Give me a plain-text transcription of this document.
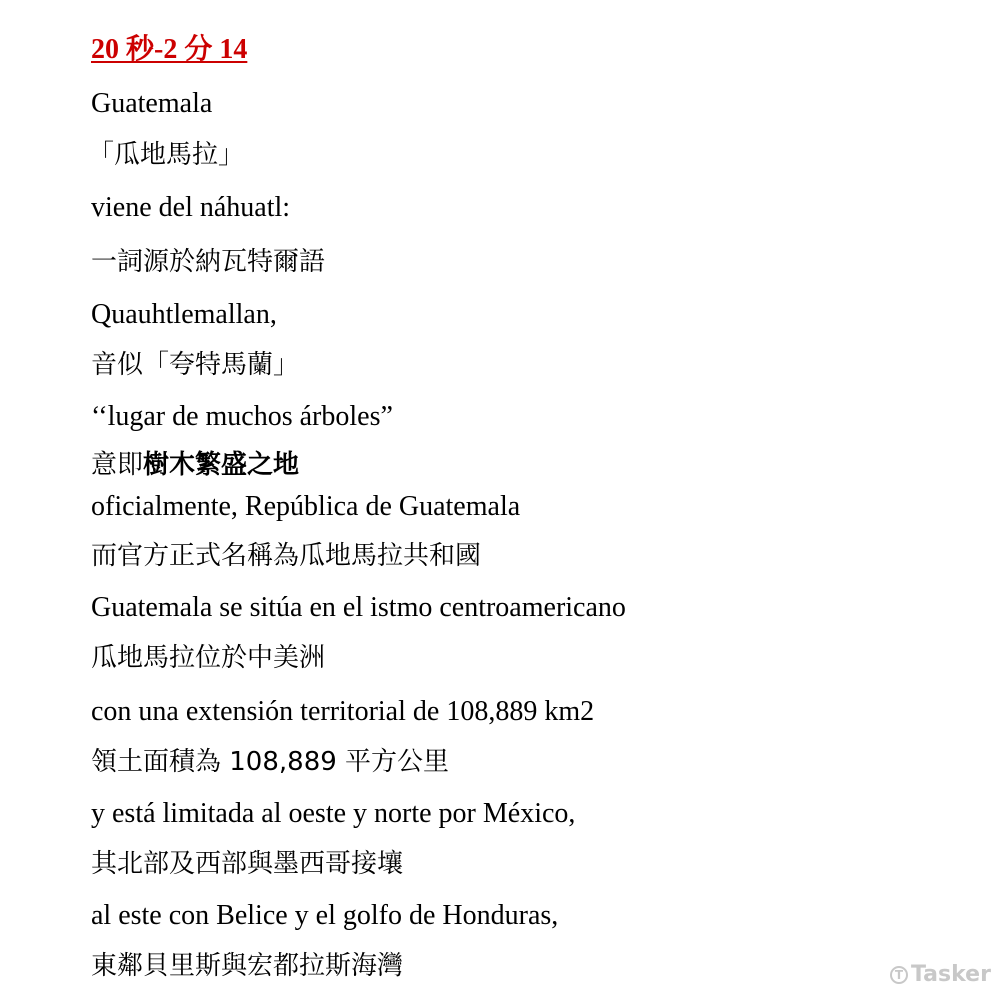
20 秒-2 分 14
Guatemala
「瓜地馬拉」
viene del náhuatl:
一詞源於納瓦特爾語
Quauhtlemallan,
音似「夸特馬蘭」
‘‘lugar de muchos árboles”
意即樹木繁盛之地
oficialmente, República de Guatemala
而官方正式名稱為瓜地馬拉共和國
Guatemala se sitúa en el istmo centroamericano
瓜地馬拉位於中美洲
con una extensión territorial de 108,889 km2
領土面積為 108,889 平方公里
y está limitada al oeste y norte por México,
其北部及西部與墨西哥接壤
al este con Belice y el golfo de Honduras,
東鄰貝里斯與宏都拉斯海灣	T Tasker
